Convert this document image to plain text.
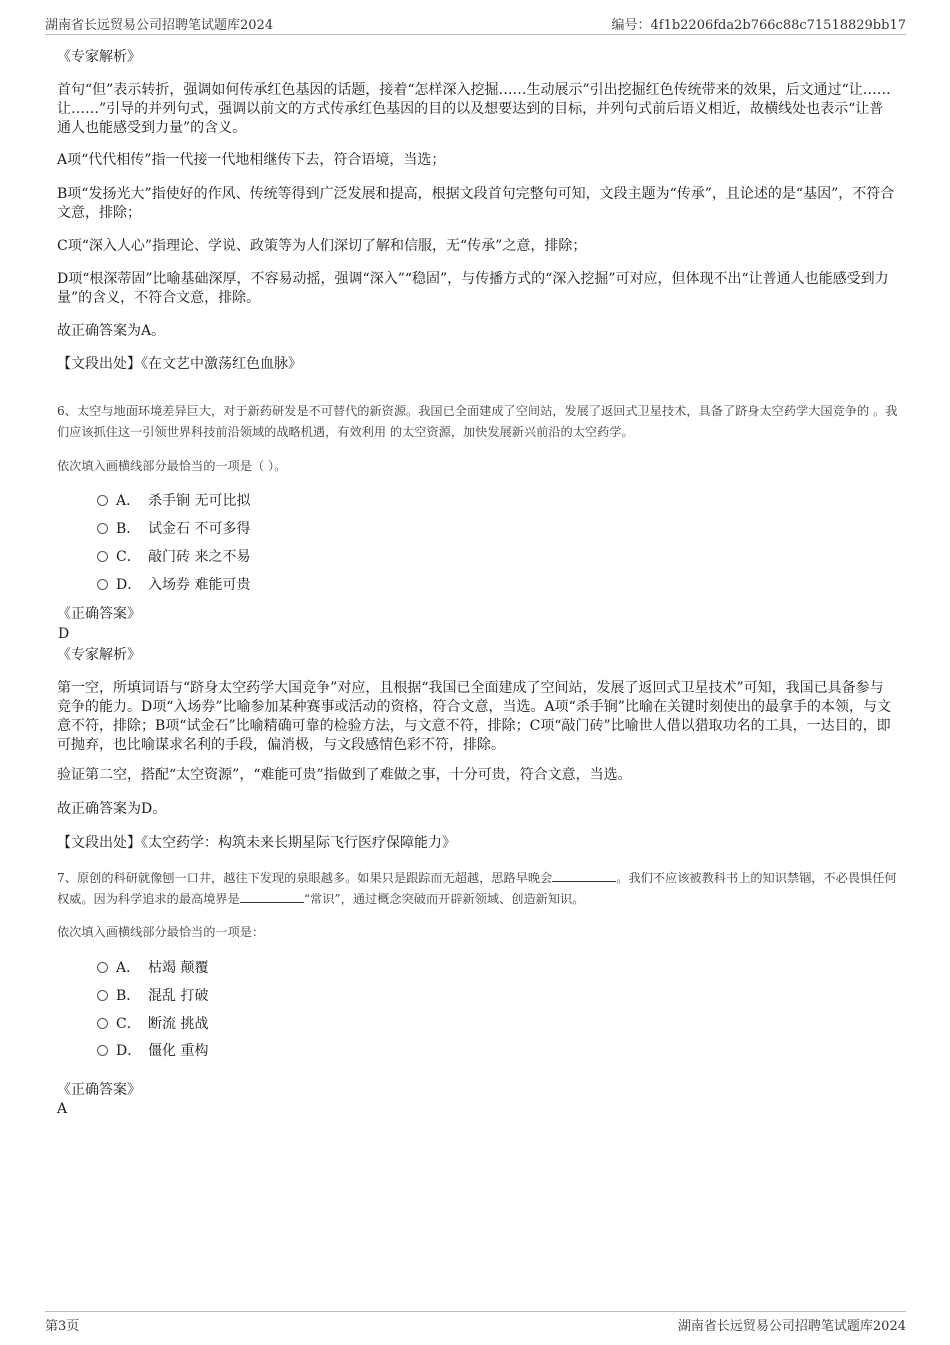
湖南省长远贸易公司招聘笔试题库2024	编号：4f1b2206fda2b766c88c71518829bb17
《专家解析》
首句“但”表示转折，强调如何传承红色基因的话题，接着“怎样深入挖掘……生动展示”引出挖掘红色传统带来的效果，后文通过“让……让……”引导的并列句式，强调以前文的方式传承红色基因的目的以及想要达到的目标，并列句式前后语义相近，故横线处也表示“让普通人也能感受到力量”的含义。
A项“代代相传”指一代接一代地相继传下去，符合语境，当选；
B项“发扬光大”指使好的作风、传统等得到广泛发展和提高，根据文段首句完整句可知，文段主题为“传承”，且论述的是“基因”，不符合文意，排除；
C项“深入人心”指理论、学说、政策等为人们深切了解和信服，无“传承”之意，排除；
D项“根深蒂固”比喻基础深厚，不容易动摇，强调“深入”“稳固”，与传播方式的“深入挖掘”可对应，但体现不出“让普通人也能感受到力量”的含义，不符合文意，排除。
故正确答案为A。
【文段出处】《在文艺中激荡红色血脉》
6、太空与地面环境差异巨大，对于新药研发是不可替代的新资源。我国已全面建成了空间站，发展了返回式卫星技术，具备了跻身太空药学大国竞争的 。我们应该抓住这一引领世界科技前沿领域的战略机遇，有效利用 的太空资源，加快发展新兴前沿的太空药学。
依次填入画横线部分最恰当的一项是（ ）。
A． 杀手锏 无可比拟
B． 试金石 不可多得
C． 敲门砖 来之不易
D． 入场券 难能可贵
《正确答案》
D
《专家解析》
第一空，所填词语与“跻身太空药学大国竞争”对应，且根据“我国已全面建成了空间站，发展了返回式卫星技术”可知，我国已具备参与竞争的能力。D项“入场券”比喻参加某种赛事或活动的资格，符合文意，当选。A项“杀手锏”比喻在关键时刻使出的最拿手的本领，与文意不符，排除；B项“试金石”比喻精确可靠的检验方法，与文意不符，排除；C项“敲门砖”比喻世人借以猎取功名的工具，一达目的，即可抛弃，也比喻谋求名利的手段，偏消极，与文段感情色彩不符，排除。
验证第二空，搭配“太空资源”，“难能可贵”指做到了难做之事，十分可贵，符合文意，当选。
故正确答案为D。
【文段出处】《太空药学：构筑未来长期星际飞行医疗保障能力》
7、原创的科研就像刨一口井，越往下发现的泉眼越多。如果只是跟踪而无超越，思路早晚会	。我们不应该被教科书上的知识禁锢，不必畏惧任何权威。因为科学追求的最高境界是	“常识”，通过概念突破而开辟新领域、创造新知识。
依次填入画横线部分最恰当的一项是：
A． 枯竭 颠覆
B． 混乱 打破
C． 断流 挑战
D． 僵化 重构
《正确答案》
A
第3页	湖南省长远贸易公司招聘笔试题库2024
